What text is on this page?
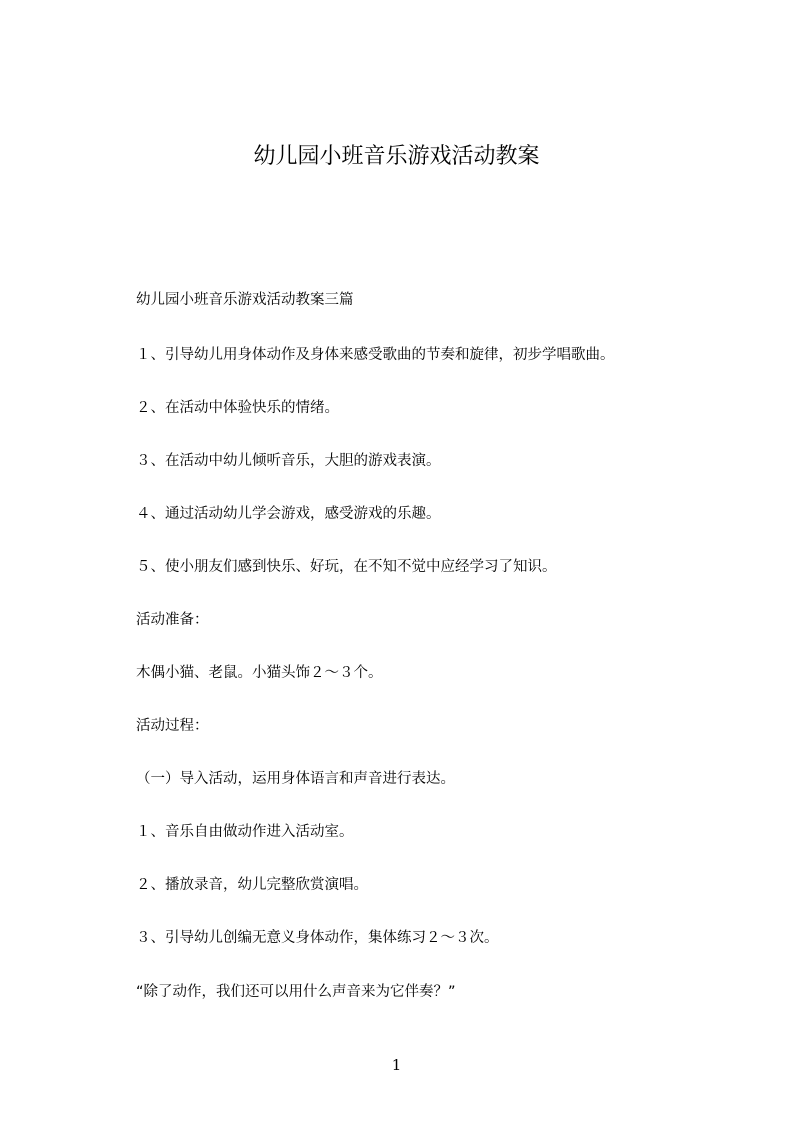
幼儿园小班音乐游戏活动教案

幼儿园小班音乐游戏活动教案三篇

１、引导幼儿用身体动作及身体来感受歌曲的节奏和旋律，初步学唱歌曲。

２、在活动中体验快乐的情绪。

３、在活动中幼儿倾听音乐，大胆的游戏表演。

４、通过活动幼儿学会游戏，感受游戏的乐趣。

５、使小朋友们感到快乐、好玩，在不知不觉中应经学习了知识。

活动准备：

木偶小猫、老鼠。小猫头饰２～３个。

活动过程：

（一）导入活动，运用身体语言和声音进行表达。

１、音乐自由做动作进入活动室。

２、播放录音，幼儿完整欣赏演唱。

３、引导幼儿创编无意义身体动作，集体练习２～３次。

“除了动作，我们还可以用什么声音来为它伴奏？”

1
